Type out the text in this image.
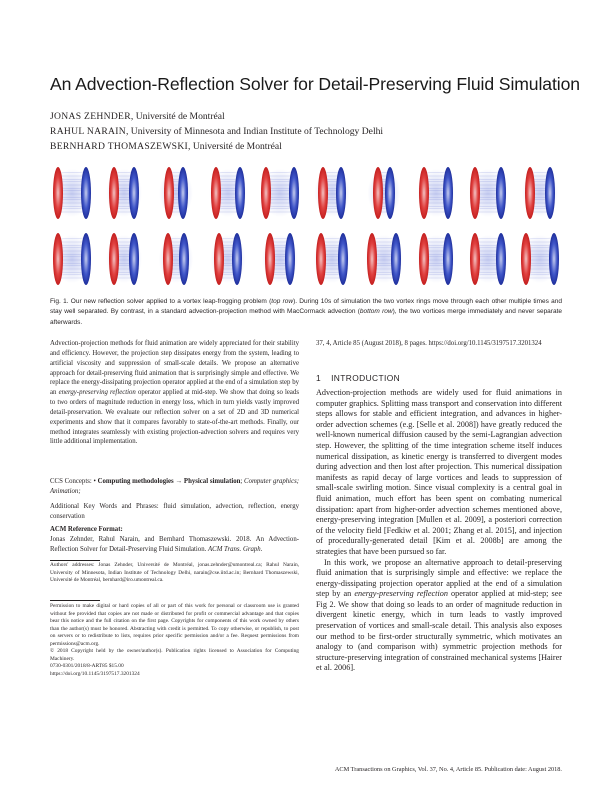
An Advection-Reflection Solver for Detail-Preserving Fluid Simulation
JONAS ZEHNDER, Université de Montréal
RAHUL NARAIN, University of Minnesota and Indian Institute of Technology Delhi
BERNHARD THOMASZEWSKI, Université de Montréal
Fig. 1. Our new reflection solver applied to a vortex leap-frogging problem (top row). During 10s of simulation the two vortex rings move through each other multiple times and stay well separated. By contrast, in a standard advection-projection method with MacCormack advection (bottom row), the two vortices merge immediately and never separate afterwards.

Advection-projection methods for fluid animation are widely appreciated for their stability and efficiency. However, the projection step dissipates energy from the system, leading to artificial viscosity and suppression of small-scale details. We propose an alternative approach for detail-preserving fluid animation that is surprisingly simple and effective. We replace the energy-dissipating projection operator applied at the end of a simulation step by an energy-preserving reflection operator applied at mid-step. We show that doing so leads to two orders of magnitude reduction in energy loss, which in turn yields vastly improved detail-preservation. We evaluate our reflection solver on a set of 2D and 3D numerical experiments and show that it compares favorably to state-of-the-art methods. Finally, our method integrates seamlessly with existing projection-advection solvers and requires very little additional implementation.

CCS Concepts: • Computing methodologies → Physical simulation; Computer graphics; Animation;

Additional Key Words and Phrases: fluid simulation, advection, reflection, energy conservation

ACM Reference Format:

Jonas Zehnder, Rahul Narain, and Bernhard Thomaszewski. 2018. An Advection-Reflection Solver for Detail-Preserving Fluid Simulation. ACM Trans. Graph.

Authors' addresses: Jonas Zehnder, Université de Montréal, jonas.zehnder@umontreal.ca; Rahul Narain, University of Minnesota, Indian Institute of Technology Delhi, narain@cse.iitd.ac.in; Bernhard Thomaszewski, Université de Montréal, bernhard@iro.umontreal.ca.

Permission to make digital or hard copies of all or part of this work for personal or classroom use is granted without fee provided that copies are not made or distributed for profit or commercial advantage and that copies bear this notice and the full citation on the first page. Copyrights for components of this work owned by others than the author(s) must be honored. Abstracting with credit is permitted. To copy otherwise, or republish, to post on servers or to redistribute to lists, requires prior specific permission and/or a fee. Request permissions from permissions@acm.org.

© 2018 Copyright held by the owner/author(s). Publication rights licensed to Association for Computing Machinery.

0730-0301/2018/8-ART85 $15.00

https://doi.org/10.1145/3197517.3201324

37, 4, Article 85 (August 2018), 8 pages. https://doi.org/10.1145/3197517.3201324

1 INTRODUCTION

Advection-projection methods are widely used for fluid animations in computer graphics. Splitting mass transport and conservation into different steps allows for stable and efficient integration, and advances in higher-order advection schemes (e.g. [Selle et al. 2008]) have greatly reduced the well-known numerical diffusion caused by the semi-Lagrangian advection step. However, the splitting of the time integration scheme itself induces numerical dissipation, as kinetic energy is transferred to divergent modes during advection and then lost after projection. This numerical dissipation manifests as rapid decay of large vortices and leads to suppression of small-scale swirling motion. Since visual complexity is a central goal in fluid animation, much effort has been spent on combating numerical dissipation: apart from higher-order advection schemes mentioned above, energy-preserving integration [Mullen et al. 2009], a posteriori correction of the velocity field [Fedkiw et al. 2001; Zhang et al. 2015], and injection of procedurally-generated detail [Kim et al. 2008b] are among the strategies that have been pursued so far.

In this work, we propose an alternative approach to detail-preserving fluid animation that is surprisingly simple and effective: we replace the energy-dissipating projection operator applied at the end of a simulation step by an energy-preserving reflection operator applied at mid-step; see Fig 2. We show that doing so leads to an order of magnitude reduction in divergent kinetic energy, which in turn leads to vastly improved preservation of vortices and small-scale detail. This analysis also exposes our method to be first-order structurally symmetric, which motivates an analogy to (and comparison with) symmetric projection methods for structure-preserving integration of constrained mechanical systems [Hairer et al. 2006].

ACM Transactions on Graphics, Vol. 37, No. 4, Article 85. Publication date: August 2018.
